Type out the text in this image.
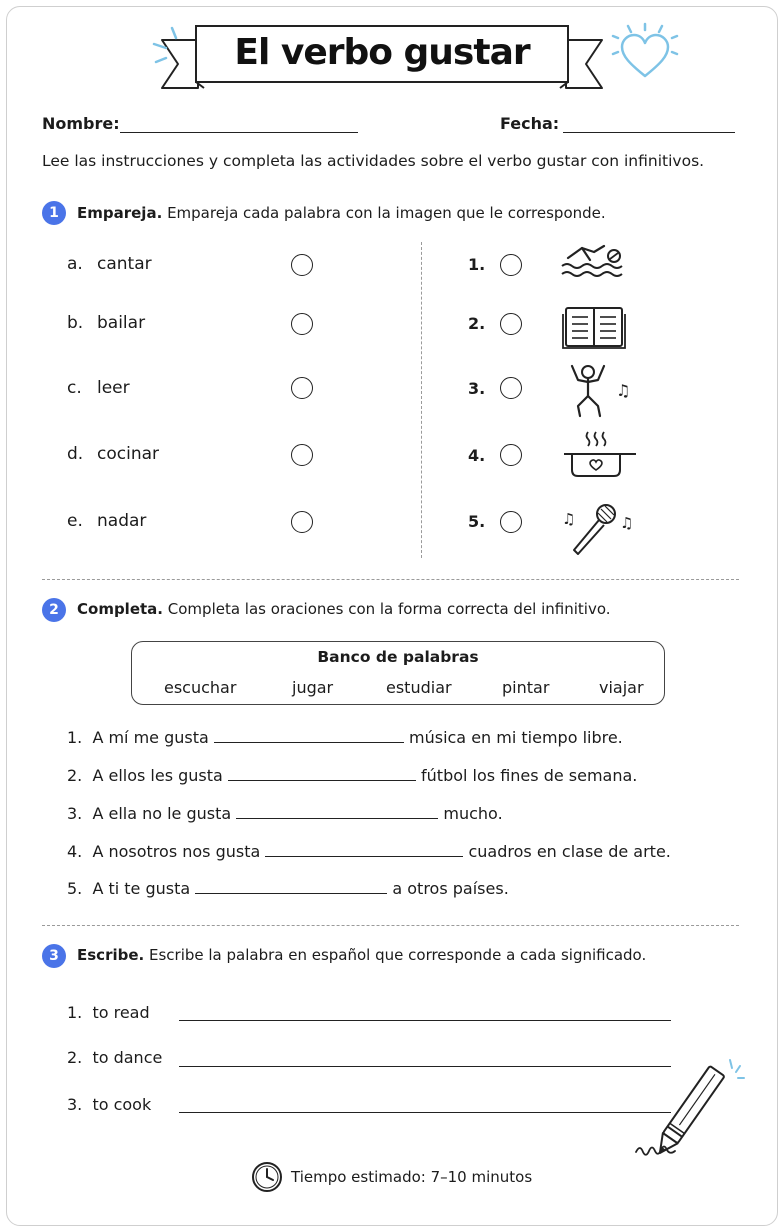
El verbo gustar
Nombre:	Fecha:
Lee las instrucciones y completa las actividades sobre el verbo gustar con infinitivos.
1	Empareja. Empareja cada palabra con la imagen que le corresponde.
a. cantar
b. bailar
c. leer
d. cocinar
e. nadar
1.
2.
3.	♫
4.
5.	♫	♫
2	Completa. Completa las oraciones con la forma correcta del infinitivo.
Banco de palabras
escuchar	jugar	estudiar	pintar	viajar
1. A mí me gusta	música en mi tiempo libre.
2. A ellos les gusta	fútbol los fines de semana.
3. A ella no le gusta	mucho.
4. A nosotros nos gusta	cuadros en clase de arte.
5. A ti te gusta	a otros países.
3	Escribe. Escribe la palabra en español que corresponde a cada significado.
1. to read
2. to dance
3. to cook
Tiempo estimado: 7–10 minutos
